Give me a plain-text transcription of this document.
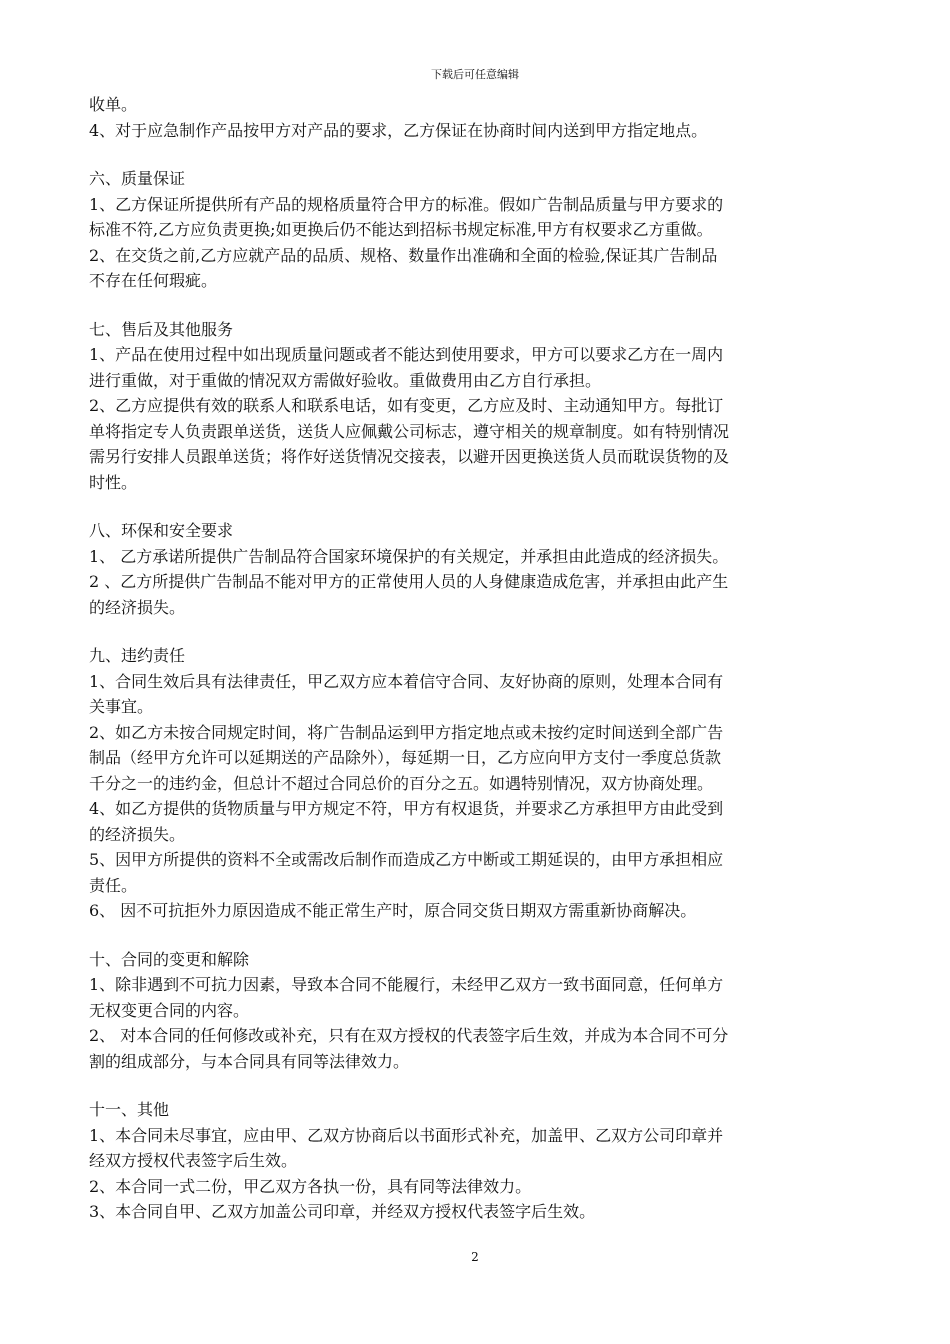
下载后可任意编辑
收单。
4、对于应急制作产品按甲方对产品的要求，乙方保证在协商时间内送到甲方指定地点。
六、质量保证
1、乙方保证所提供所有产品的规格质量符合甲方的标准。假如广告制品质量与甲方要求的
标准不符,乙方应负责更换;如更换后仍不能达到招标书规定标准,甲方有权要求乙方重做。
2、在交货之前,乙方应就产品的品质、规格、数量作出准确和全面的检验,保证其广告制品
不存在任何瑕疵。
七、售后及其他服务
1、产品在使用过程中如出现质量问题或者不能达到使用要求，甲方可以要求乙方在一周内
进行重做，对于重做的情况双方需做好验收。重做费用由乙方自行承担。
2、乙方应提供有效的联系人和联系电话，如有变更，乙方应及时、主动通知甲方。每批订
单将指定专人负责跟单送货，送货人应佩戴公司标志，遵守相关的规章制度。如有特别情况
需另行安排人员跟单送货；将作好送货情况交接表，以避开因更换送货人员而耽误货物的及
时性。
八、环保和安全要求
1、 乙方承诺所提供广告制品符合国家环境保护的有关规定，并承担由此造成的经济损失。
2 、乙方所提供广告制品不能对甲方的正常使用人员的人身健康造成危害，并承担由此产生
的经济损失。
九、违约责任
1、合同生效后具有法律责任，甲乙双方应本着信守合同、友好协商的原则，处理本合同有
关事宜。
2、如乙方未按合同规定时间，将广告制品运到甲方指定地点或未按约定时间送到全部广告
制品（经甲方允许可以延期送的产品除外），每延期一日，乙方应向甲方支付一季度总货款
千分之一的违约金，但总计不超过合同总价的百分之五。如遇特别情况，双方协商处理。
4、如乙方提供的货物质量与甲方规定不符，甲方有权退货，并要求乙方承担甲方由此受到
的经济损失。
5、因甲方所提供的资料不全或需改后制作而造成乙方中断或工期延误的，由甲方承担相应
责任。
6、 因不可抗拒外力原因造成不能正常生产时，原合同交货日期双方需重新协商解决。
十、合同的变更和解除
1、除非遇到不可抗力因素，导致本合同不能履行，未经甲乙双方一致书面同意，任何单方
无权变更合同的内容。
2、 对本合同的任何修改或补充，只有在双方授权的代表签字后生效，并成为本合同不可分
割的组成部分，与本合同具有同等法律效力。
十一、其他
1、本合同未尽事宜，应由甲、乙双方协商后以书面形式补充，加盖甲、乙双方公司印章并
经双方授权代表签字后生效。
2、本合同一式二份，甲乙双方各执一份，具有同等法律效力。
3、本合同自甲、乙双方加盖公司印章，并经双方授权代表签字后生效。
2
